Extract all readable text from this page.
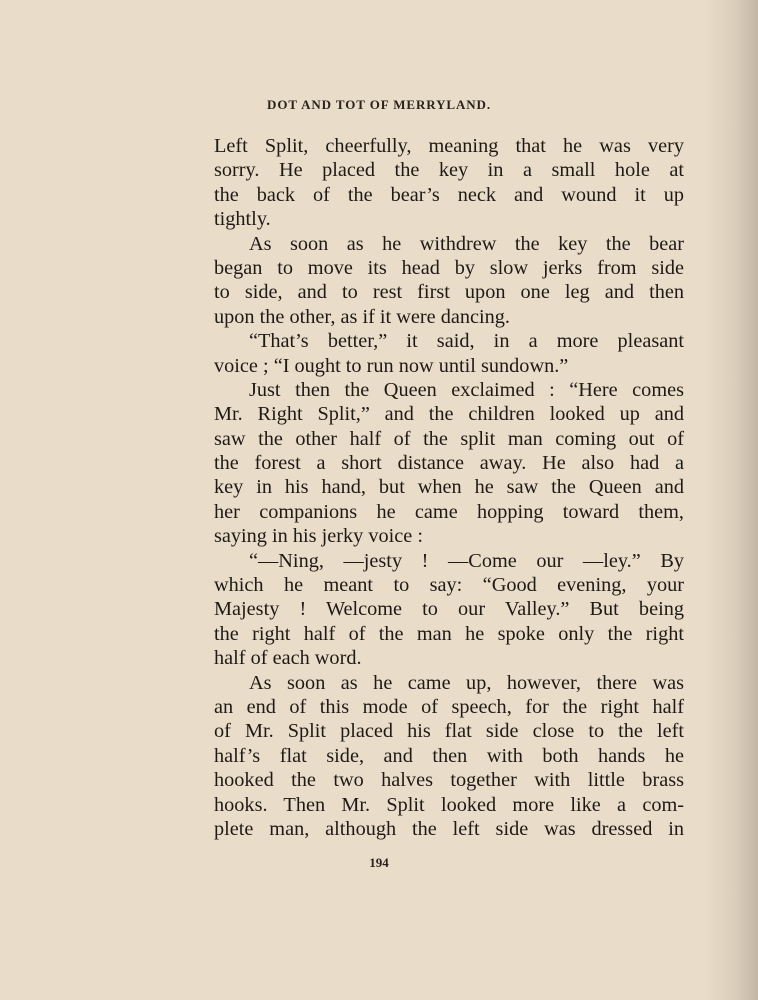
DOT AND TOT OF MERRYLAND.
Left Split, cheerfully, meaning that he was very
sorry. He placed the key in a small hole at
the back of the bear’s neck and wound it up
tightly.
As soon as he withdrew the key the bear
began to move its head by slow jerks from side
to side, and to rest first upon one leg and then
upon the other, as if it were dancing.
“That’s better,” it said, in a more pleasant
voice ; “I ought to run now until sundown.”
Just then the Queen exclaimed : “Here comes
Mr. Right Split,” and the children looked up and
saw the other half of the split man coming out of
the forest a short distance away. He also had a
key in his hand, but when he saw the Queen and
her companions he came hopping toward them,
saying in his jerky voice :
“—Ning, —jesty ! —Come our —ley.” By
which he meant to say: “Good evening, your
Majesty ! Welcome to our Valley.” But being
the right half of the man he spoke only the right
half of each word.
As soon as he came up, however, there was
an end of this mode of speech, for the right half
of Mr. Split placed his flat side close to the left
half’s flat side, and then with both hands he
hooked the two halves together with little brass
hooks. Then Mr. Split looked more like a com-
plete man, although the left side was dressed in
194
